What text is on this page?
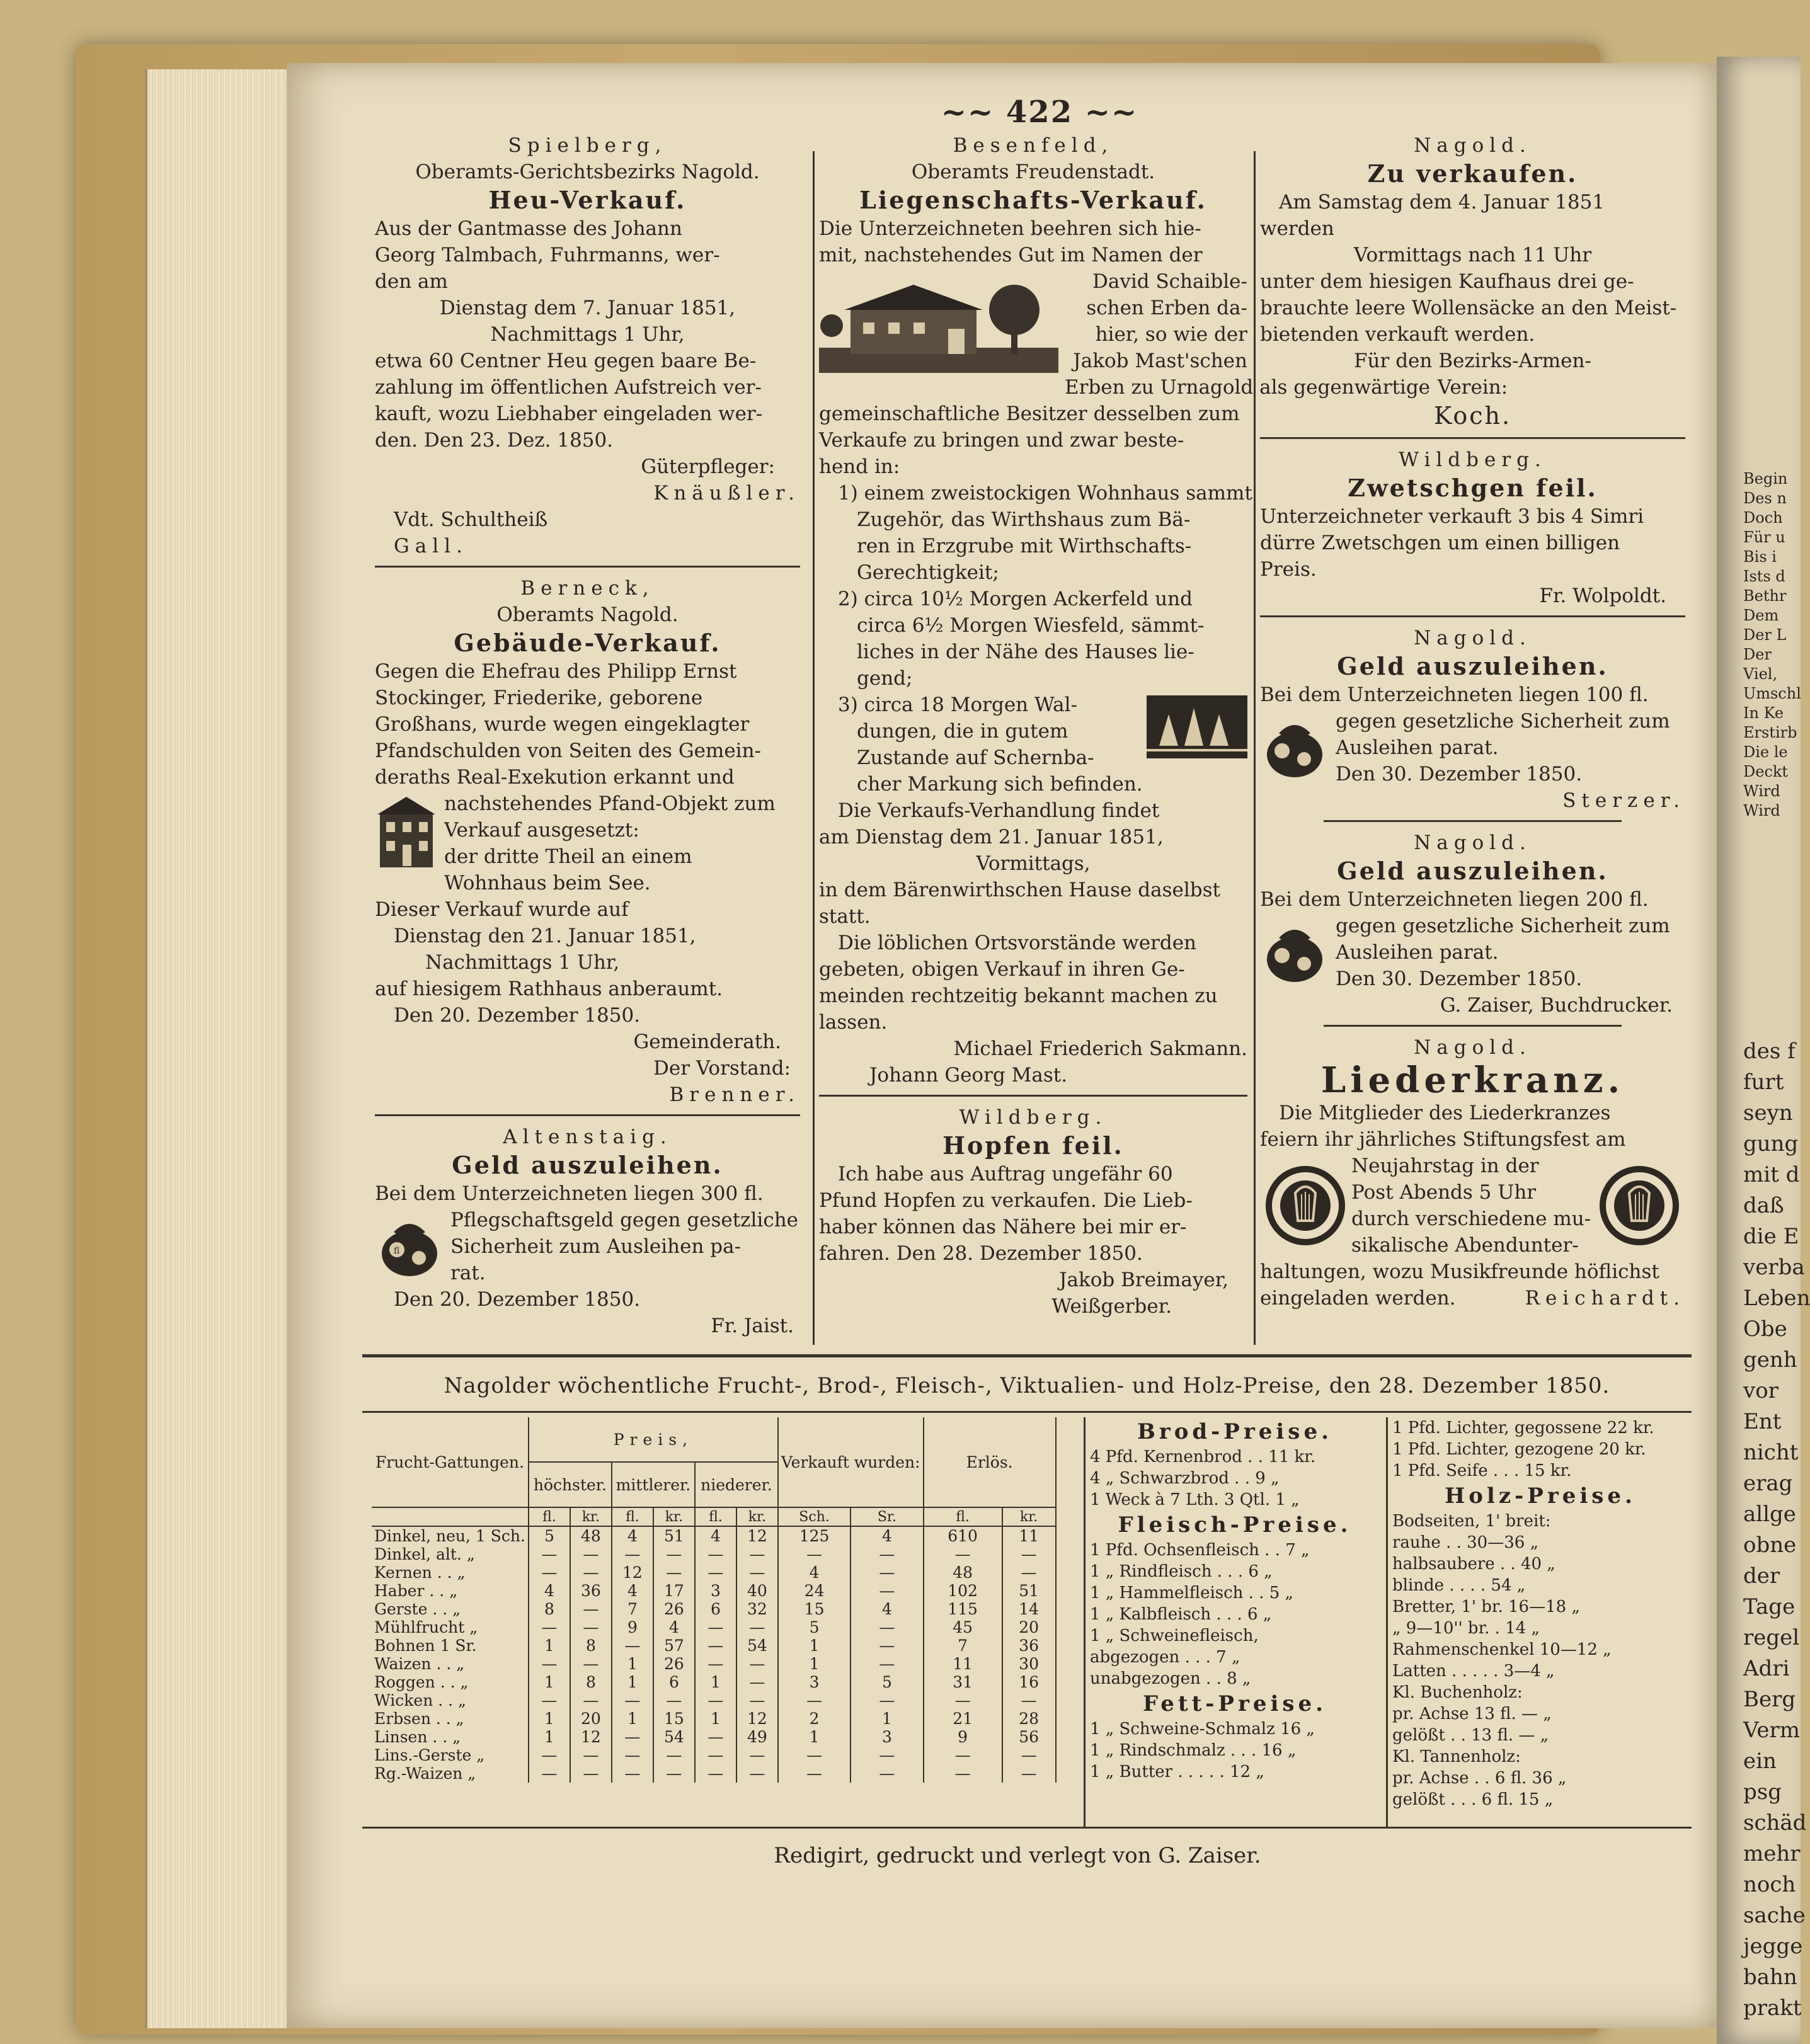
Begin
Des n
Doch
Für u
Bis i
Ists d
Bethr
Dem
Der L
Der
Viel,
Umschl
In Ke
Erstirb
Die le
Deckt
Wird
Wird
des f
furt
seyn
gung
mit d
daß
die E
verba
Leben
Obe
genh
vor
Ent
nicht
erag
allge
obne
der
Tage
regel
Adri
Berg
Verm
ein
psg
schäd
mehr
noch
sache
jegge
bahn
prakt
~~ 422 ~~
Spielberg,
Oberamts-Gerichtsbezirks Nagold.
Heu-Verkauf.
Aus der Gantmasse des Johann
Georg Talmbach, Fuhrmanns, wer-
den am
Dienstag dem 7. Januar 1851,
Nachmittags 1 Uhr,
etwa 60 Centner Heu gegen baare Be-
zahlung im öffentlichen Aufstreich ver-
kauft, wozu Liebhaber eingeladen wer-
den. Den 23. Dez. 1850.
Güterpfleger:
Knäußler.
Vdt. Schultheiß
Gall.
Berneck,
Oberamts Nagold.
Gebäude-Verkauf.
Gegen die Ehefrau des Philipp Ernst
Stockinger, Friederike, geborene
Großhans, wurde wegen eingeklagter
Pfandschulden von Seiten des Gemein-
deraths Real-Exekution erkannt und
nachstehendes Pfand-Objekt zum
Verkauf ausgesetzt:
der dritte Theil an einem
Wohnhaus beim See.
Dieser Verkauf wurde auf
Dienstag den 21. Januar 1851,
Nachmittags 1 Uhr,
auf hiesigem Rathhaus anberaumt.
Den 20. Dezember 1850.
Gemeinderath.
Der Vorstand:
Brenner.
Altenstaig.
Geld auszuleihen.
Bei dem Unterzeichneten liegen 300 fl.
fl
Pflegschaftsgeld gegen gesetzliche
Sicherheit zum Ausleihen pa-
rat.
Den 20. Dezember 1850.
Fr. Jaist.
Besenfeld,
Oberamts Freudenstadt.
Liegenschafts-Verkauf.
Die Unterzeichneten beehren sich hie-
mit, nachstehendes Gut im Namen der
David Schaible-
schen Erben da-
hier, so wie der
Jakob Mast'schen
Erben zu Urnagold als gegenwärtige
gemeinschaftliche Besitzer desselben zum
Verkaufe zu bringen und zwar beste-
hend in:
1) einem zweistockigen Wohnhaus sammt
Zugehör, das Wirthshaus zum Bä-
ren in Erzgrube mit Wirthschafts-
Gerechtigkeit;
2) circa 10½ Morgen Ackerfeld und
circa 6½ Morgen Wiesfeld, sämmt-
liches in der Nähe des Hauses lie-
gend;
3) circa 18 Morgen Wal-
dungen, die in gutem
Zustande auf Schernba-
cher Markung sich befinden.
Die Verkaufs-Verhandlung findet
am Dienstag dem 21. Januar 1851,
Vormittags,
in dem Bärenwirthschen Hause daselbst
statt.
Die löblichen Ortsvorstände werden
gebeten, obigen Verkauf in ihren Ge-
meinden rechtzeitig bekannt machen zu
lassen.
Michael Friederich Sakmann.
Johann Georg Mast.
Wildberg.
Hopfen feil.
Ich habe aus Auftrag ungefähr 60
Pfund Hopfen zu verkaufen. Die Lieb-
haber können das Nähere bei mir er-
fahren. Den 28. Dezember 1850.
Jakob Breimayer,
Weißgerber.
Nagold.
Zu verkaufen.
Am Samstag dem 4. Januar 1851
werden
Vormittags nach 11 Uhr
unter dem hiesigen Kaufhaus drei ge-
brauchte leere Wollensäcke an den Meist-
bietenden verkauft werden.
Für den Bezirks-Armen-
Verein:
Koch.
Wildberg.
Zwetschgen feil.
Unterzeichneter verkauft 3 bis 4 Simri
dürre Zwetschgen um einen billigen
Preis.
Fr. Wolpoldt.
Nagold.
Geld auszuleihen.
Bei dem Unterzeichneten liegen 100 fl.
gegen gesetzliche Sicherheit zum
Ausleihen parat.
Den 30. Dezember 1850.
Sterzer.
Nagold.
Geld auszuleihen.
Bei dem Unterzeichneten liegen 200 fl.
gegen gesetzliche Sicherheit zum
Ausleihen parat.
Den 30. Dezember 1850.
G. Zaiser, Buchdrucker.
Nagold.
Liederkranz.
Die Mitglieder des Liederkranzes
feiern ihr jährliches Stiftungsfest am
Neujahrstag in der
Post Abends 5 Uhr
durch verschiedene mu-
sikalische Abendunter-
haltungen, wozu Musikfreunde höflichst
eingeladen werden.	Reichardt.
Nagolder wöchentliche Frucht-, Brod-, Fleisch-, Viktualien- und Holz-Preise, den 28. Dezember 1850.
Frucht-Gattungen.	Preis,						Verkauft wurden:		Erlös.	
	höchster.		mittlerer.		niederer.					
	fl.	kr.	fl.	kr.	fl.	kr.	Sch.	Sr.	fl.	kr.
Dinkel, neu, 1 Sch.	5	48	4	51	4	12	125	4	610	11
Dinkel, alt. „	—	—	—	—	—	—	—	—	—	—
Kernen . . „	—	—	12	—	—	—	4	—	48	—
Haber . . „	4	36	4	17	3	40	24	—	102	51
Gerste . . „	8	—	7	26	6	32	15	4	115	14
Mühlfrucht „	—	—	9	4	—	—	5	—	45	20
Bohnen 1 Sr.	1	8	—	57	—	54	1	—	7	36
Waizen . . „	—	—	1	26	—	—	1	—	11	30
Roggen . . „	1	8	1	6	1	—	3	5	31	16
Wicken . . „	—	—	—	—	—	—	—	—	—	—
Erbsen . . „	1	20	1	15	1	12	2	1	21	28
Linsen . . „	1	12	—	54	—	49	1	3	9	56
Lins.-Gerste „	—	—	—	—	—	—	—	—	—	—
Rg.-Waizen „	—	—	—	—	—	—	—	—	—	—
Brod-Preise.
4 Pfd. Kernenbrod . . 11 kr.
4 „ Schwarzbrod . . 9 „
1 Weck à 7 Lth. 3 Qtl. 1 „
Fleisch-Preise.
1 Pfd. Ochsenfleisch . . 7 „
1 „ Rindfleisch . . . 6 „
1 „ Hammelfleisch . . 5 „
1 „ Kalbfleisch . . . 6 „
1 „ Schweinefleisch,
abgezogen . . . 7 „
unabgezogen . . 8 „
Fett-Preise.
1 „ Schweine-Schmalz 16 „
1 „ Rindschmalz . . . 16 „
1 „ Butter . . . . . 12 „
1 Pfd. Lichter, gegossene 22 kr.
1 Pfd. Lichter, gezogene 20 kr.
1 Pfd. Seife . . . 15 kr.
Holz-Preise.
Bodseiten, 1' breit:
rauhe . . 30—36 „
halbsaubere . . 40 „
blinde . . . . 54 „
Bretter, 1' br. 16—18 „
„ 9—10'' br. . 14 „
Rahmenschenkel 10—12 „
Latten . . . . . 3—4 „
Kl. Buchenholz:
pr. Achse 13 fl. — „
gelößt . . 13 fl. — „
Kl. Tannenholz:
pr. Achse . . 6 fl. 36 „
gelößt . . . 6 fl. 15 „
Redigirt, gedruckt und verlegt von G. Zaiser.
